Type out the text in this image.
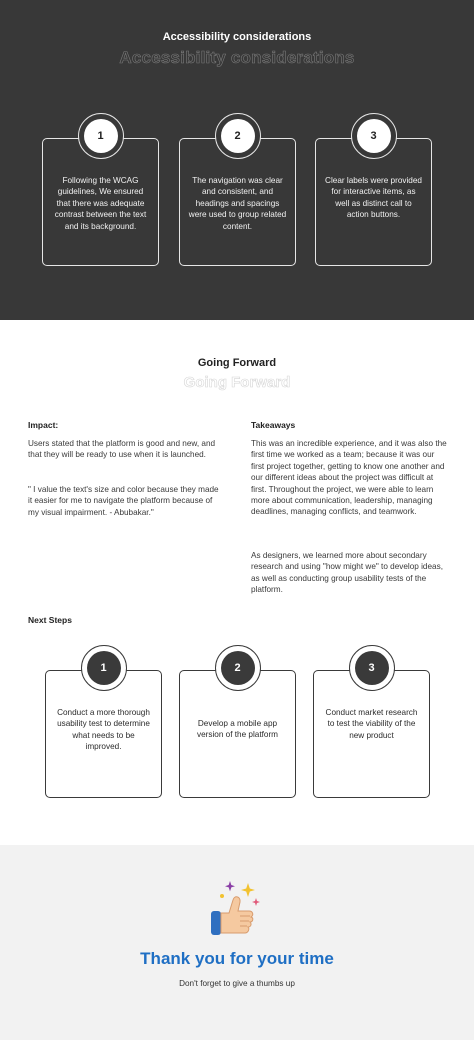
Accessibility considerations
Accessibility considerations
1
Following the WCAG guidelines, We ensured that there was adequate contrast between the text and its background.
2
The navigation was clear and consistent, and headings and spacings were used to group related content.
3
Clear labels were provided for interactive items, as well as distinct call to action buttons.
Going Forward
Going Forward
Impact:
Users stated that the platform is good and new, and that they will be ready to use when it is launched.
" I value the text's size and color because they made it easier for me to navigate the platform because of my visual impairment. - Abubakar."
Takeaways
This was an incredible experience, and it was also the first time we worked as a team; because it was our first project together, getting to know one another and our different ideas about the project was difficult at first. Throughout the project, we were able to learn more about communication, leadership, managing deadlines, managing conflicts, and teamwork.
As designers, we learned more about secondary research and using "how might we" to develop ideas, as well as conducting group usability tests of the platform.
Next Steps
1
Conduct a more thorough usability test to determine what needs to be improved.
2
Develop a mobile app version of the platform
3
Conduct market research to test the viability of the new product
Thank you for your time
Don't forget to give a thumbs up
